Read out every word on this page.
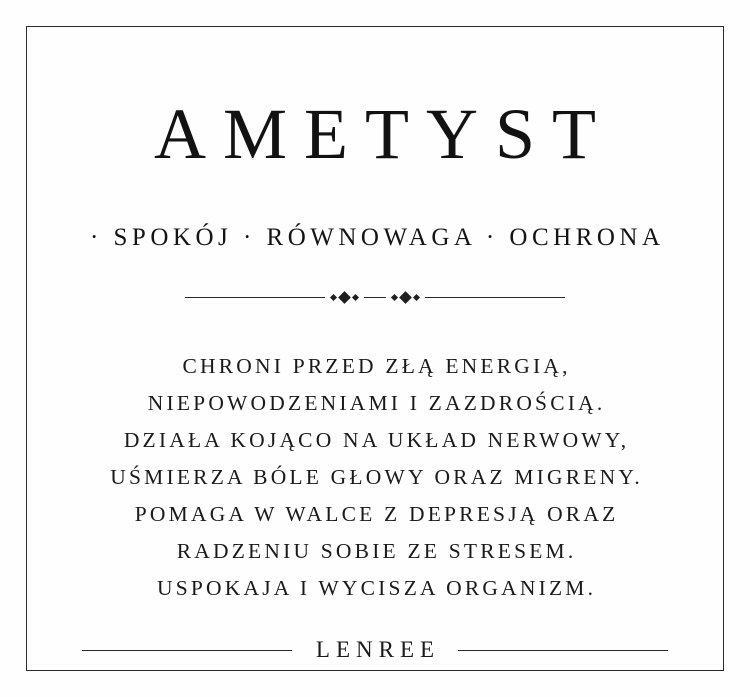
AMETYST
· SPOKÓJ · RÓWNOWAGA · OCHRONA
CHRONI PRZED ZŁĄ ENERGIĄ,
NIEPOWODZENIAMI I ZAZDROŚCIĄ.
DZIAŁA KOJĄCO NA UKŁAD NERWOWY,
UŚMIERZA BÓLE GŁOWY ORAZ MIGRENY.
POMAGA W WALCE Z DEPRESJĄ ORAZ
RADZENIU SOBIE ZE STRESEM.
USPOKAJA I WYCISZA ORGANIZM.
LENREE
